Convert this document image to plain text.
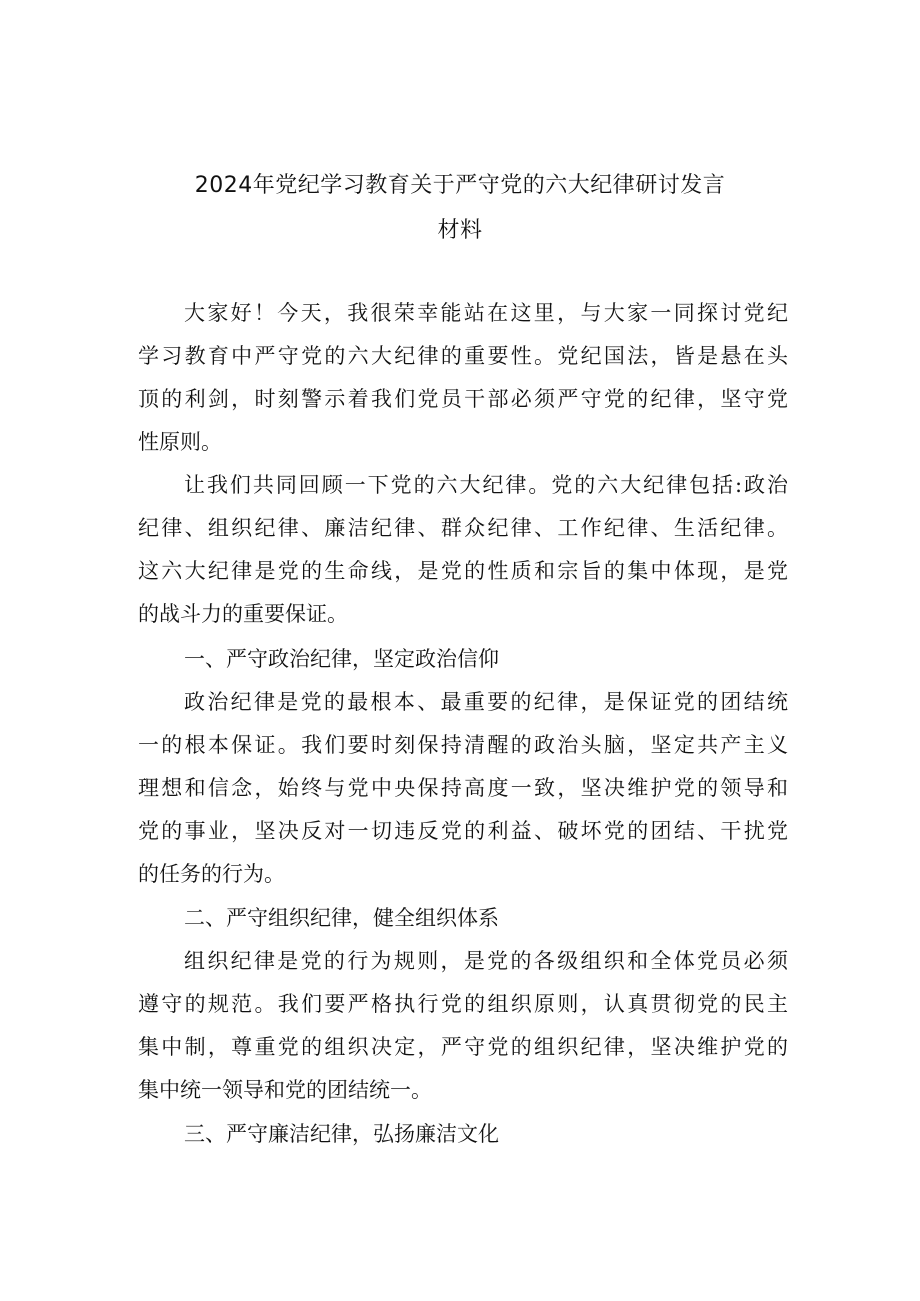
2024年党纪学习教育关于严守党的六大纪律研讨发言
材料
大家好！今天，我很荣幸能站在这里，与大家一同探讨党纪
学习教育中严守党的六大纪律的重要性。党纪国法，皆是悬在头
顶的利剑，时刻警示着我们党员干部必须严守党的纪律，坚守党
性原则。
让我们共同回顾一下党的六大纪律。党的六大纪律包括:政治
纪律、组织纪律、廉洁纪律、群众纪律、工作纪律、生活纪律。
这六大纪律是党的生命线，是党的性质和宗旨的集中体现，是党
的战斗力的重要保证。
一、严守政治纪律，坚定政治信仰
政治纪律是党的最根本、最重要的纪律，是保证党的团结统
一的根本保证。我们要时刻保持清醒的政治头脑，坚定共产主义
理想和信念，始终与党中央保持高度一致，坚决维护党的领导和
党的事业，坚决反对一切违反党的利益、破坏党的团结、干扰党
的任务的行为。
二、严守组织纪律，健全组织体系
组织纪律是党的行为规则，是党的各级组织和全体党员必须
遵守的规范。我们要严格执行党的组织原则，认真贯彻党的民主
集中制，尊重党的组织决定，严守党的组织纪律，坚决维护党的
集中统一领导和党的团结统一。
三、严守廉洁纪律，弘扬廉洁文化
